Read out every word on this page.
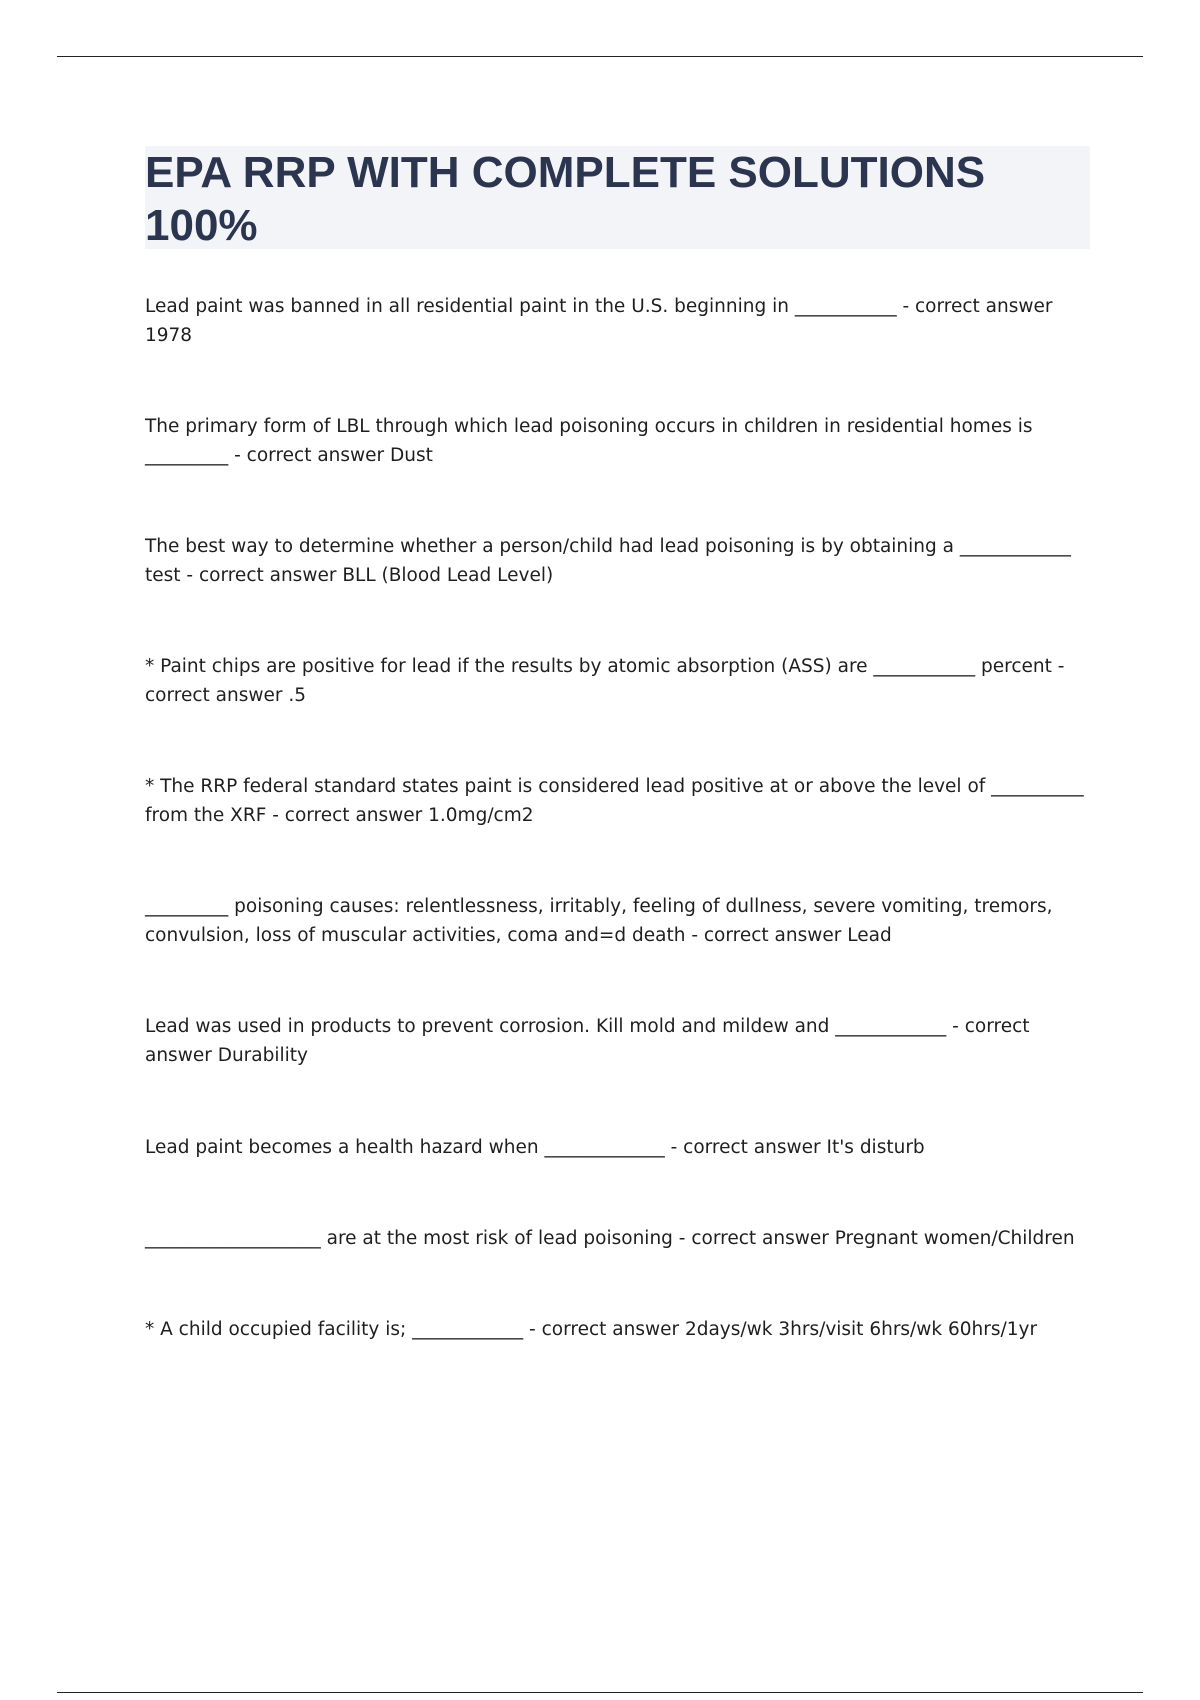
EPA RRP WITH COMPLETE SOLUTIONS 100%

Lead paint was banned in all residential paint in the U.S. beginning in ___________ - correct answer 1978

The primary form of LBL through which lead poisoning occurs in children in residential homes is _________ - correct answer Dust

The best way to determine whether a person/child had lead poisoning is by obtaining a ____________ test - correct answer BLL (Blood Lead Level)

* Paint chips are positive for lead if the results by atomic absorption (ASS) are ___________ percent - correct answer .5

* The RRP federal standard states paint is considered lead positive at or above the level of __________ from the XRF - correct answer 1.0mg/cm2

_________ poisoning causes: relentlessness, irritably, feeling of dullness, severe vomiting, tremors, convulsion, loss of muscular activities, coma and=d death - correct answer Lead

Lead was used in products to prevent corrosion. Kill mold and mildew and ____________ - correct answer Durability

Lead paint becomes a health hazard when _____________ - correct answer It's disturb

___________________ are at the most risk of lead poisoning - correct answer Pregnant women/Children

* A child occupied facility is; ____________ - correct answer 2days/wk 3hrs/visit 6hrs/wk 60hrs/1yr
